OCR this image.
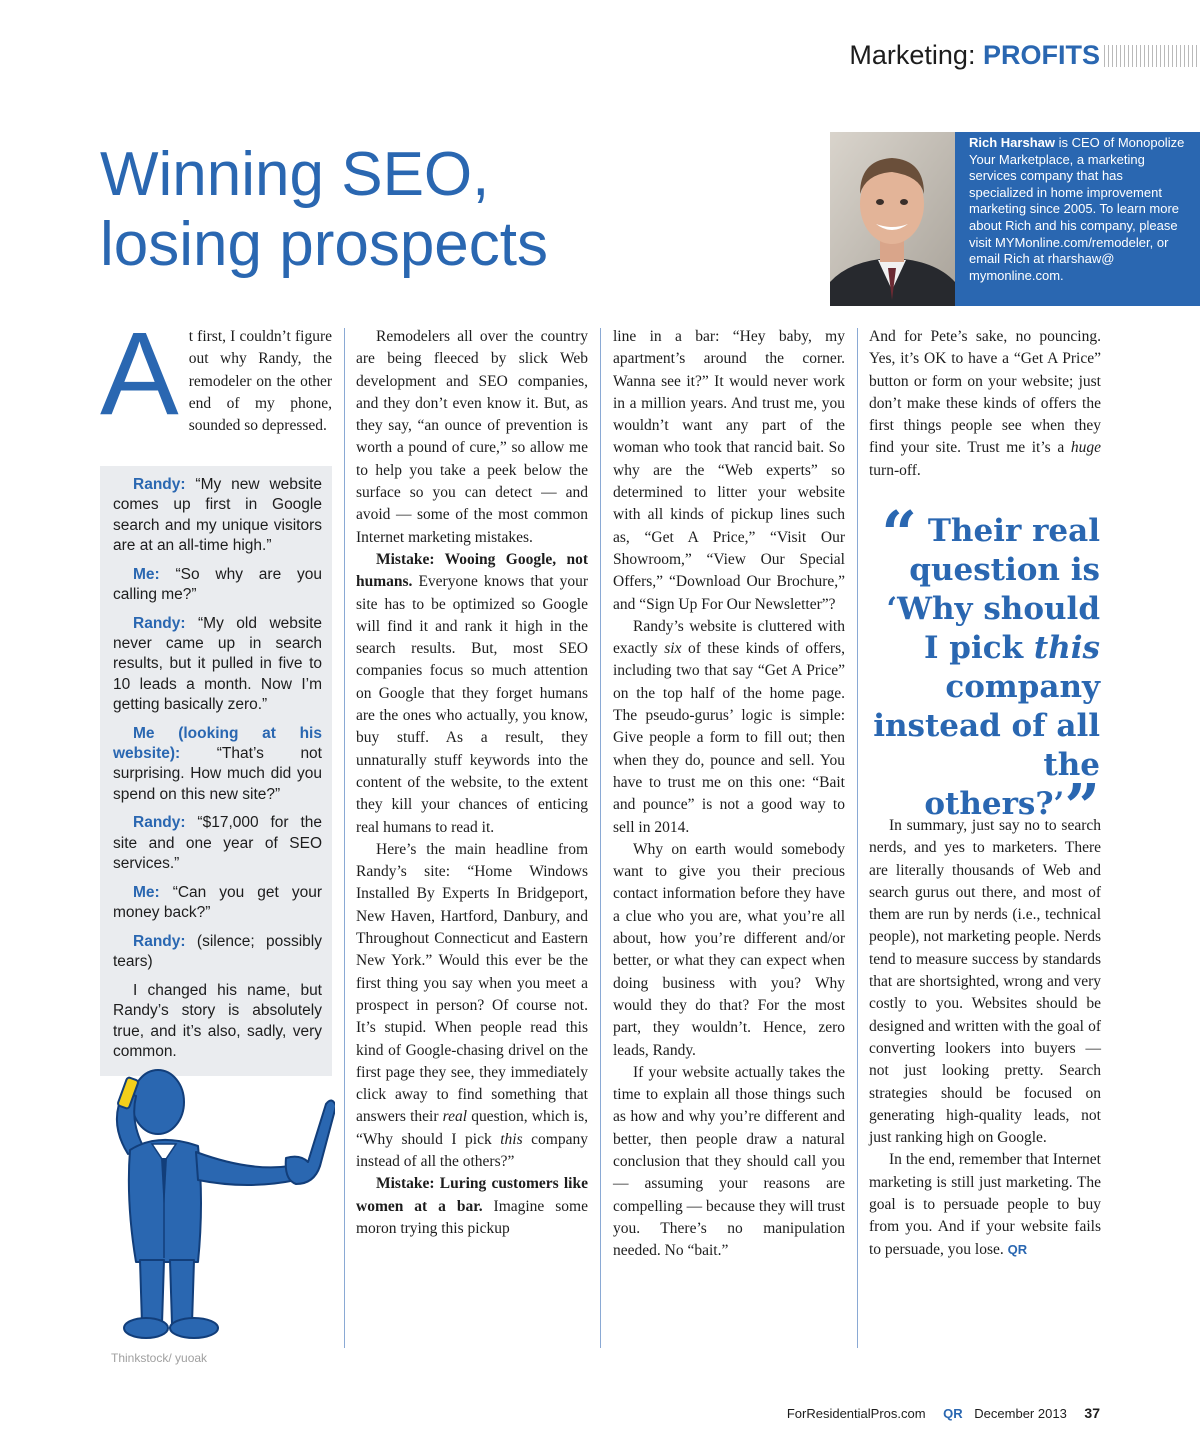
Marketing: PROFITS
Winning SEO,
losing prospects
Rich Harshaw is CEO of Monopolize Your Marketplace, a marketing services company that has specialized in home improvement marketing since 2005. To learn more about Rich and his company, please visit MYMonline.com/remodeler, or email Rich at rharshaw@ mymonline.com.
At first, I couldn’t figure out why Randy, the remodeler on the other end of my phone, sounded so depressed.

Randy: “My new website comes up first in Google search and my unique visitors are at an all-time high.”

Me: “So why are you calling me?”

Randy: “My old website never came up in search results, but it pulled in five to 10 leads a month. Now I’m getting basically zero.”

Me (looking at his website): “That’s not surprising. How much did you spend on this new site?”

Randy: “$17,000 for the site and one year of SEO services.”

Me: “Can you get your money back?”

Randy: (silence; possibly tears)

I changed his name, but Randy’s story is absolutely true, and it’s also, sadly, very common.

Thinkstock/ yuoak

Remodelers all over the country are being fleeced by slick Web development and SEO companies, and they don’t even know it. But, as they say, “an ounce of prevention is worth a pound of cure,” so allow me to help you take a peek below the surface so you can detect — and avoid — some of the most common Internet marketing mistakes.

Mistake: Wooing Google, not humans. Everyone knows that your site has to be optimized so Google will find it and rank it high in the search results. But, most SEO companies focus so much attention on Google that they forget humans are the ones who actually, you know, buy stuff. As a result, they unnaturally stuff keywords into the content of the website, to the extent they kill your chances of enticing real humans to read it.

Here’s the main headline from Randy’s site: “Home Windows Installed By Experts In Bridgeport, New Haven, Hartford, Danbury, and Throughout Connecticut and Eastern New York.” Would this ever be the first thing you say when you meet a prospect in person? Of course not. It’s stupid. When people read this kind of Google-chasing drivel on the first page they see, they immediately click away to find something that answers their real question, which is, “Why should I pick this company instead of all the others?”

Mistake: Luring customers like women at a bar. Imagine some moron trying this pickup

line in a bar: “Hey baby, my apartment’s around the corner. Wanna see it?” It would never work in a million years. And trust me, you wouldn’t want any part of the woman who took that rancid bait. So why are the “Web experts” so determined to litter your website with all kinds of pickup lines such as, “Get A Price,” “Visit Our Showroom,” “View Our Special Offers,” “Download Our Brochure,” and “Sign Up For Our Newsletter”?

Randy’s website is cluttered with exactly six of these kinds of offers, including two that say “Get A Price” on the top half of the home page. The pseudo-gurus’ logic is simple: Give people a form to fill out; then when they do, pounce and sell. You have to trust me on this one: “Bait and pounce” is not a good way to sell in 2014.

Why on earth would somebody want to give you their precious contact information before they have a clue who you are, what you’re all about, how you’re different and/or better, or what they can expect when doing business with you? Why would they do that? For the most part, they wouldn’t. Hence, zero leads, Randy.

If your website actually takes the time to explain all those things such as how and why you’re different and better, then people draw a natural conclusion that they should call you — assuming your reasons are compelling — because they will trust you. There’s no manipulation needed. No “bait.”

And for Pete’s sake, no pouncing. Yes, it’s OK to have a “Get A Price” button or form on your website; just don’t make these kinds of offers the first things people see when they find your site. Trust me it’s a huge turn-off.

“ Their real question is ‘Why should I pick this company instead of all the others?’”

In summary, just say no to search nerds, and yes to marketers. There are literally thousands of Web and search gurus out there, and most of them are run by nerds (i.e., technical people), not marketing people. Nerds tend to measure success by standards that are shortsighted, wrong and very costly to you. Websites should be designed and written with the goal of converting lookers into buyers — not just looking pretty. Search strategies should be focused on generating high-quality leads, not just ranking high on Google.

In the end, remember that Internet marketing is still just marketing. The goal is to persuade people to buy from you. And if your website fails to persuade, you lose. QR

ForResidentialPros.com QR December 2013 37
